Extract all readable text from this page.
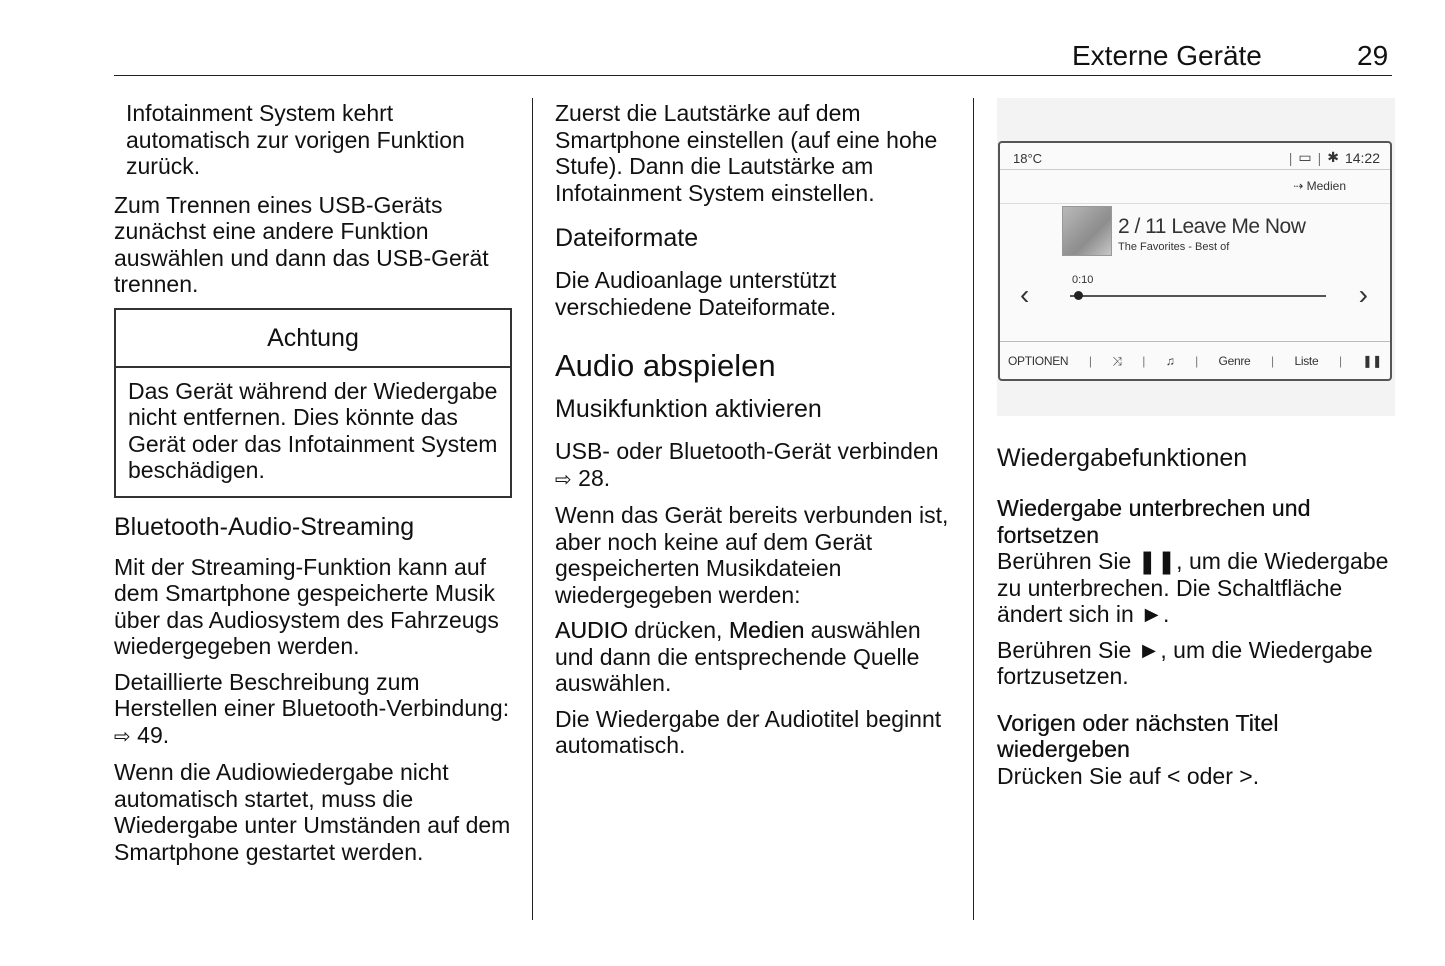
Externe Geräte	29

Infotainment System kehrt automatisch zur vorigen Funktion zurück.

Zum Trennen eines USB-Geräts zunächst eine andere Funktion auswählen und dann das USB-Gerät trennen.

Achtung

Das Gerät während der Wiedergabe nicht entfernen. Dies könnte das Gerät oder das Infotainment System beschädigen.

Bluetooth-Audio-Streaming

Mit der Streaming-Funktion kann auf dem Smartphone gespeicherte Musik über das Audiosystem des Fahrzeugs wiedergegeben werden.

Detaillierte Beschreibung zum Herstellen einer Bluetooth-Verbindung: ⇨ 49.

Wenn die Audiowiedergabe nicht automatisch startet, muss die Wiedergabe unter Umständen auf dem Smartphone gestartet werden.

Zuerst die Lautstärke auf dem Smartphone einstellen (auf eine hohe Stufe). Dann die Lautstärke am Infotainment System einstellen.

Dateiformate

Die Audioanlage unterstützt verschiedene Dateiformate.

Audio abspielen
Musikfunktion aktivieren

USB- oder Bluetooth-Gerät verbinden ⇨ 28.

Wenn das Gerät bereits verbunden ist, aber noch keine auf dem Gerät gespeicherten Musikdateien wiedergegeben werden:

AUDIO drücken, Medien auswählen und dann die entsprechende Quelle auswählen.

Die Wiedergabe der Audiotitel beginnt automatisch.

18°C	| ▭ | ✱ 14:22
⇢ Medien
2 / 11 Leave Me Now
The Favorites - Best of
‹	0:10	›
OPTIONEN | ⤨ | ♫ | Genre | Liste | ❚❚
Wiedergabefunktionen
Wiedergabe unterbrechen und fortsetzen

Berühren Sie ❚❚, um die Wiedergabe zu unterbrechen. Die Schaltfläche ändert sich in ►.

Berühren Sie ►, um die Wiedergabe fortzusetzen.

Vorigen oder nächsten Titel wiedergeben

Drücken Sie auf < oder >.
